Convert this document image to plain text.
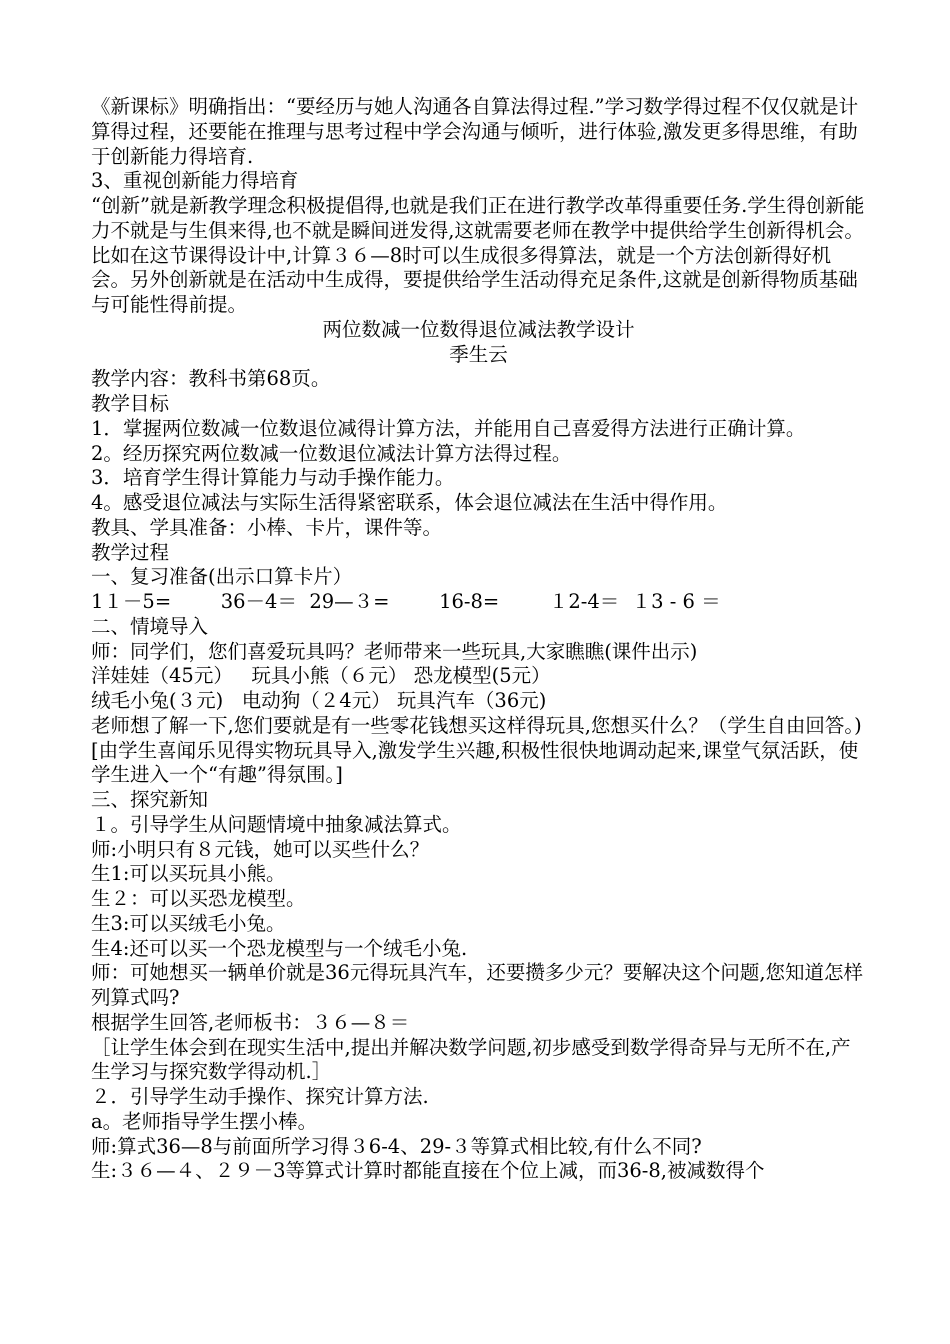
《新课标》明确指出：“要经历与她人沟通各自算法得过程.”学习数学得过程不仅仅就是计算得过程，还要能在推理与思考过程中学会沟通与倾听，进行体验,激发更多得思维，有助于创新能力得培育.
3、重视创新能力得培育
“创新”就是新教学理念积极提倡得,也就是我们正在进行教学改革得重要任务.学生得创新能力不就是与生俱来得,也不就是瞬间迸发得,这就需要老师在教学中提供给学生创新得机会。比如在这节课得设计中,计算３６—8时可以生成很多得算法，就是一个方法创新得好机会。另外创新就是在活动中生成得，要提供给学生活动得充足条件,这就是创新得物质基础与可能性得前提。
两位数减一位数得退位减法教学设计
季生云
教学内容：教科书第68页。
教学目标
1．掌握两位数减一位数退位减得计算方法，并能用自己喜爱得方法进行正确计算。
2。经历探究两位数减一位数退位减法计算方法得过程。
3．培育学生得计算能力与动手操作能力。
4。感受退位减法与实际生活得紧密联系，体会退位减法在生活中得作用。
教具、学具准备：小棒、卡片，课件等。
教学过程
一、复习准备(出示口算卡片）
1１－5=        36－4＝  29—３=        16-8=        １2-4＝  １3 - 6 ＝
二、情境导入
师：同学们，您们喜爱玩具吗？老师带来一些玩具,大家瞧瞧(课件出示)
洋娃娃（45元）   玩具小熊（６元） 恐龙模型(5元）
绒毛小兔(３元)   电动狗（２4元） 玩具汽车（36元)
老师想了解一下,您们要就是有一些零花钱想买这样得玩具,您想买什么？（学生自由回答。)
[由学生喜闻乐见得实物玩具导入,激发学生兴趣,积极性很快地调动起来,课堂气氛活跃，使学生进入一个“有趣”得氛围。]
三、探究新知
１。引导学生从问题情境中抽象减法算式。
师:小明只有８元钱，她可以买些什么？
生1:可以买玩具小熊。
生２：可以买恐龙模型。
生3:可以买绒毛小兔。
生4:还可以买一个恐龙模型与一个绒毛小兔.
师：可她想买一辆单价就是36元得玩具汽车，还要攒多少元？要解决这个问题,您知道怎样列算式吗?
根据学生回答,老师板书：３６—８＝
［让学生体会到在现实生活中,提出并解决数学问题,初步感受到数学得奇异与无所不在,产生学习与探究数学得动机.］
２．引导学生动手操作、探究计算方法.
a。老师指导学生摆小棒。
师:算式36—8与前面所学习得３6-4、29-３等算式相比较,有什么不同?
生:３６—４、２９－3等算式计算时都能直接在个位上减，而36-8,被减数得个
